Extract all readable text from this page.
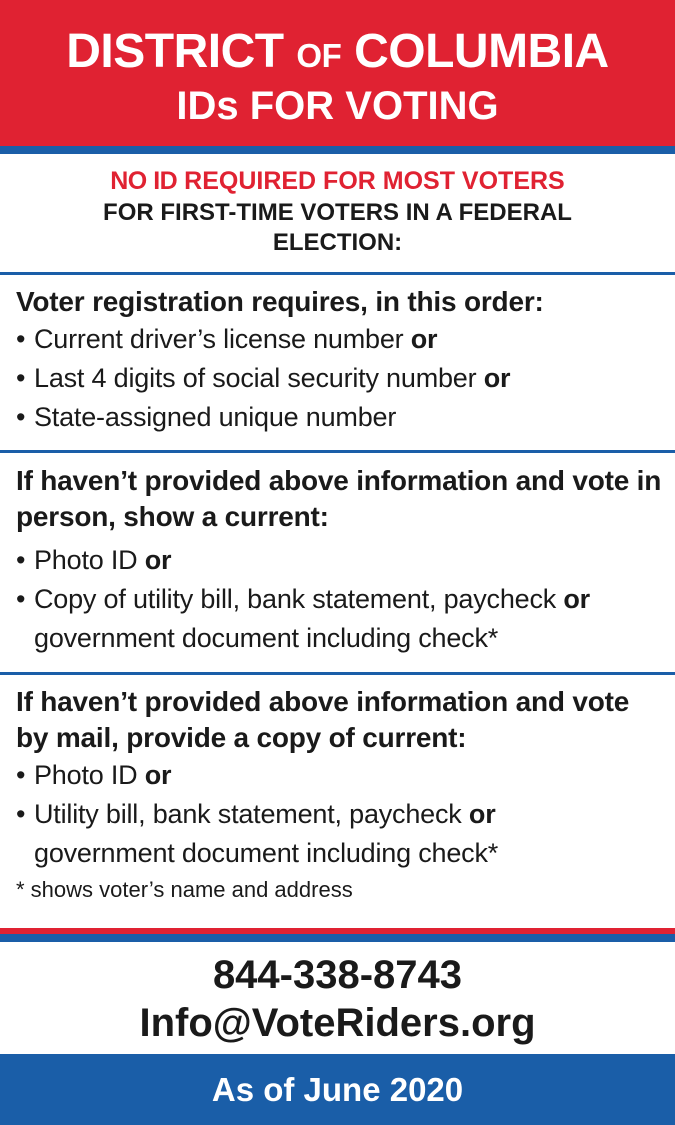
DISTRICT OF COLUMBIA
IDs FOR VOTING
NO ID REQUIRED FOR MOST VOTERS
FOR FIRST-TIME VOTERS IN A FEDERAL ELECTION:
Voter registration requires, in this order:
• Current driver’s license number or
• Last 4 digits of social security number or
• State-assigned unique number
If haven’t provided above information and vote in person, show a current:
• Photo ID or
• Copy of utility bill, bank statement, paycheck or
government document including check*
If haven’t provided above information and vote by mail, provide a copy of current:
• Photo ID or
• Utility bill, bank statement, paycheck or
government document including check*
* shows voter’s name and address
844-338-8743
Info@VoteRiders.org
As of June 2020
